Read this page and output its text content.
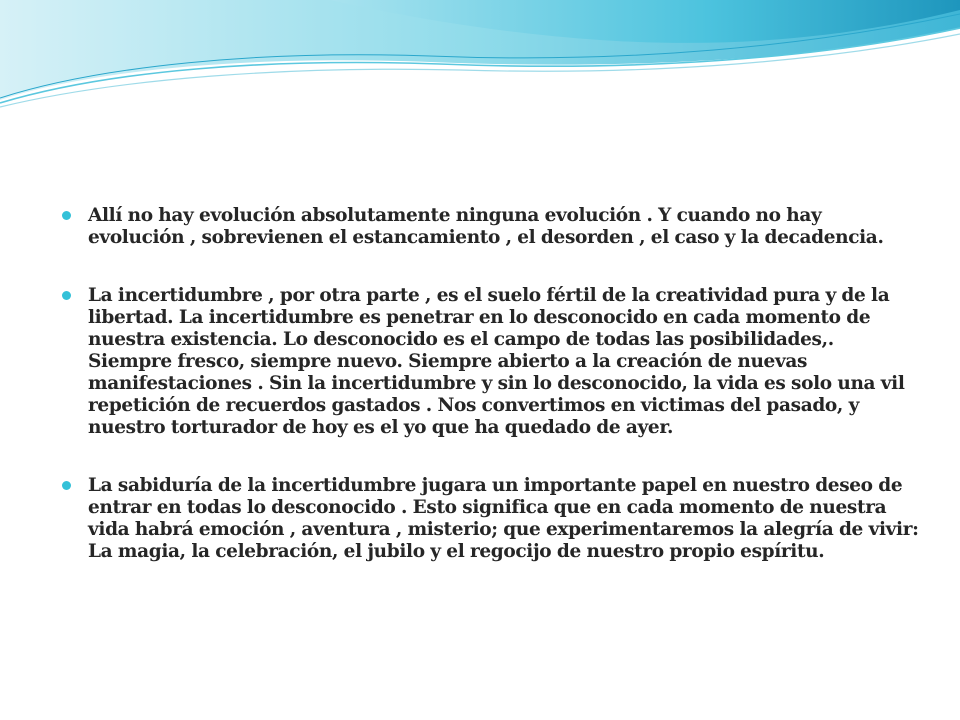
Allí no hay evolución absolutamente ninguna evolución . Y cuando no hay evolución , sobrevienen el estancamiento , el desorden , el caso y la decadencia.
La incertidumbre , por otra parte , es el suelo fértil de la creatividad pura y de la libertad. La incertidumbre es penetrar en lo desconocido en cada momento de nuestra existencia. Lo desconocido es el campo de todas las posibilidades,. Siempre fresco, siempre nuevo. Siempre abierto a la creación de nuevas manifestaciones . Sin la incertidumbre y sin lo desconocido, la vida es solo una vil repetición de recuerdos gastados . Nos convertimos en victimas del pasado, y nuestro torturador de hoy es el yo que ha quedado de ayer.
La sabiduría de la incertidumbre jugara un importante papel en nuestro deseo de entrar en todas lo desconocido . Esto significa que en cada momento de nuestra vida habrá emoción , aventura , misterio; que experimentaremos la alegría de vivir: La magia, la celebración, el jubilo y el regocijo de nuestro propio espíritu.
